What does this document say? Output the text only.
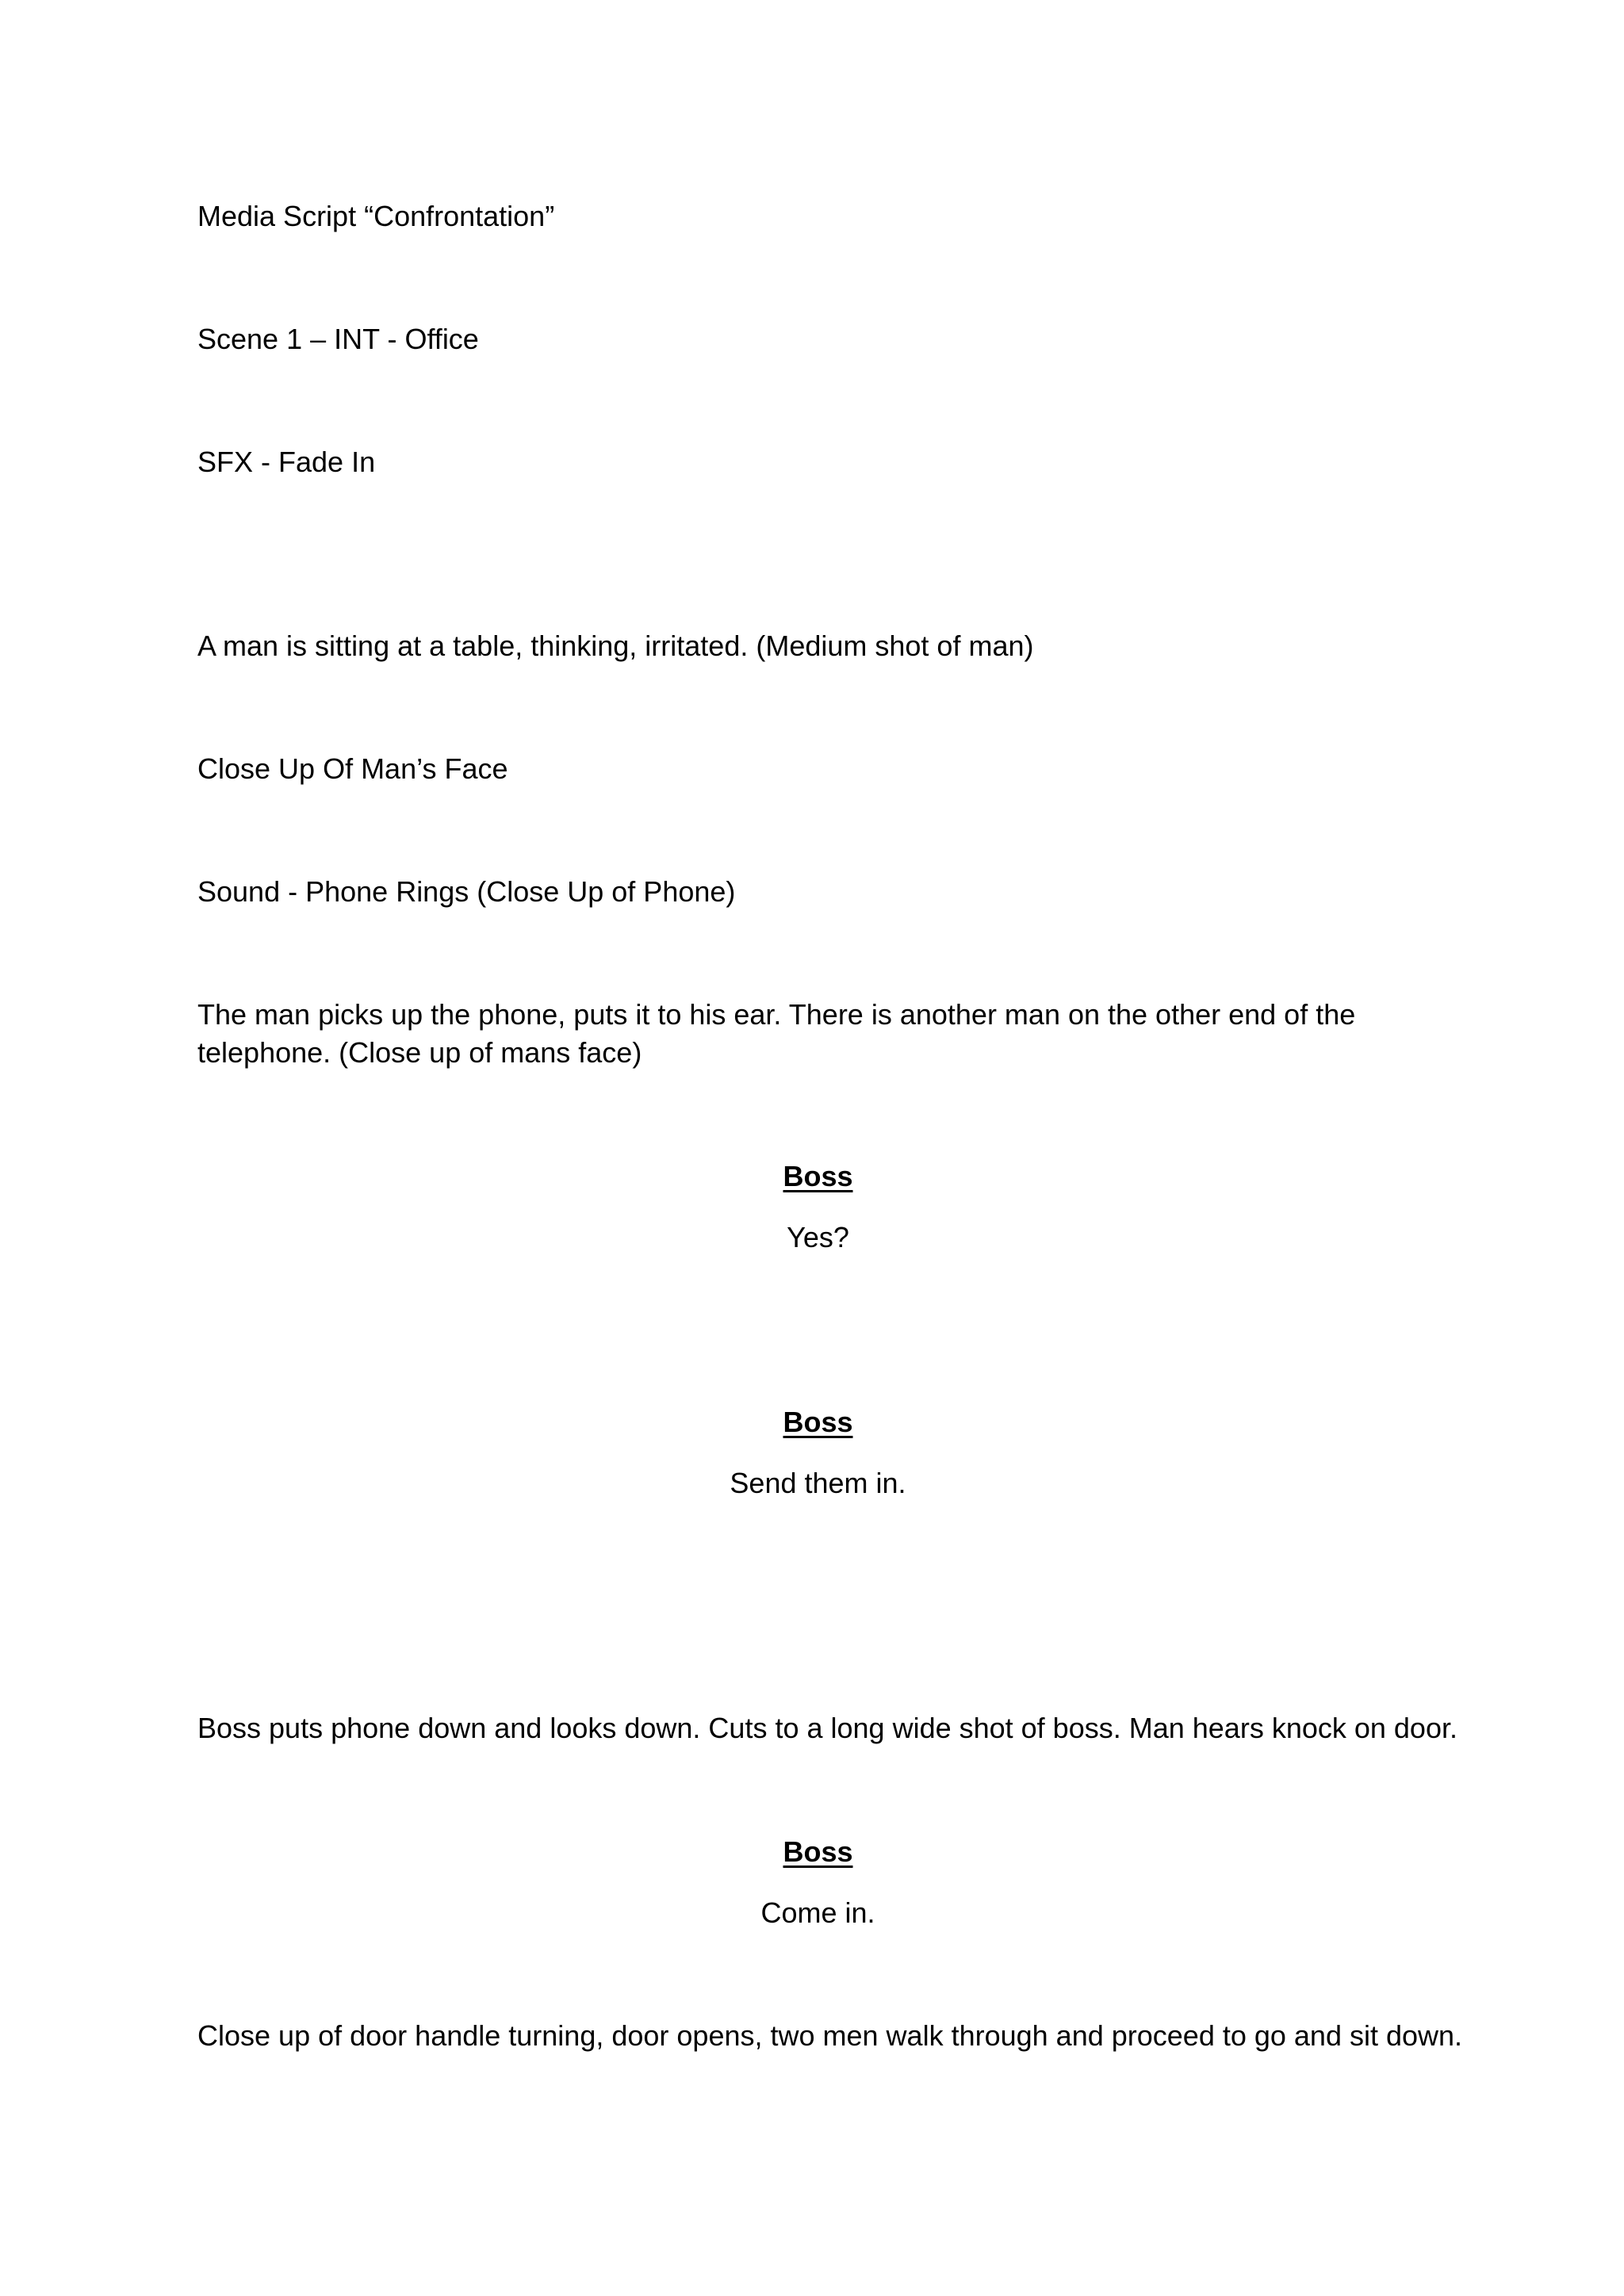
Media Script “Confrontation”
Scene 1 – INT - Office
SFX - Fade In
A man is sitting at a table, thinking, irritated. (Medium shot of man)
Close Up Of Man’s Face
Sound - Phone Rings (Close Up of Phone)
The man picks up the phone, puts it to his ear. There is another man on the other end of the telephone. (Close up of mans face)
Boss
Yes?
Boss
Send them in.
Boss puts phone down and looks down. Cuts to a long wide shot of boss. Man hears knock on door.
Boss
Come in.
Close up of door handle turning, door opens, two men walk through and proceed to go and sit down.
